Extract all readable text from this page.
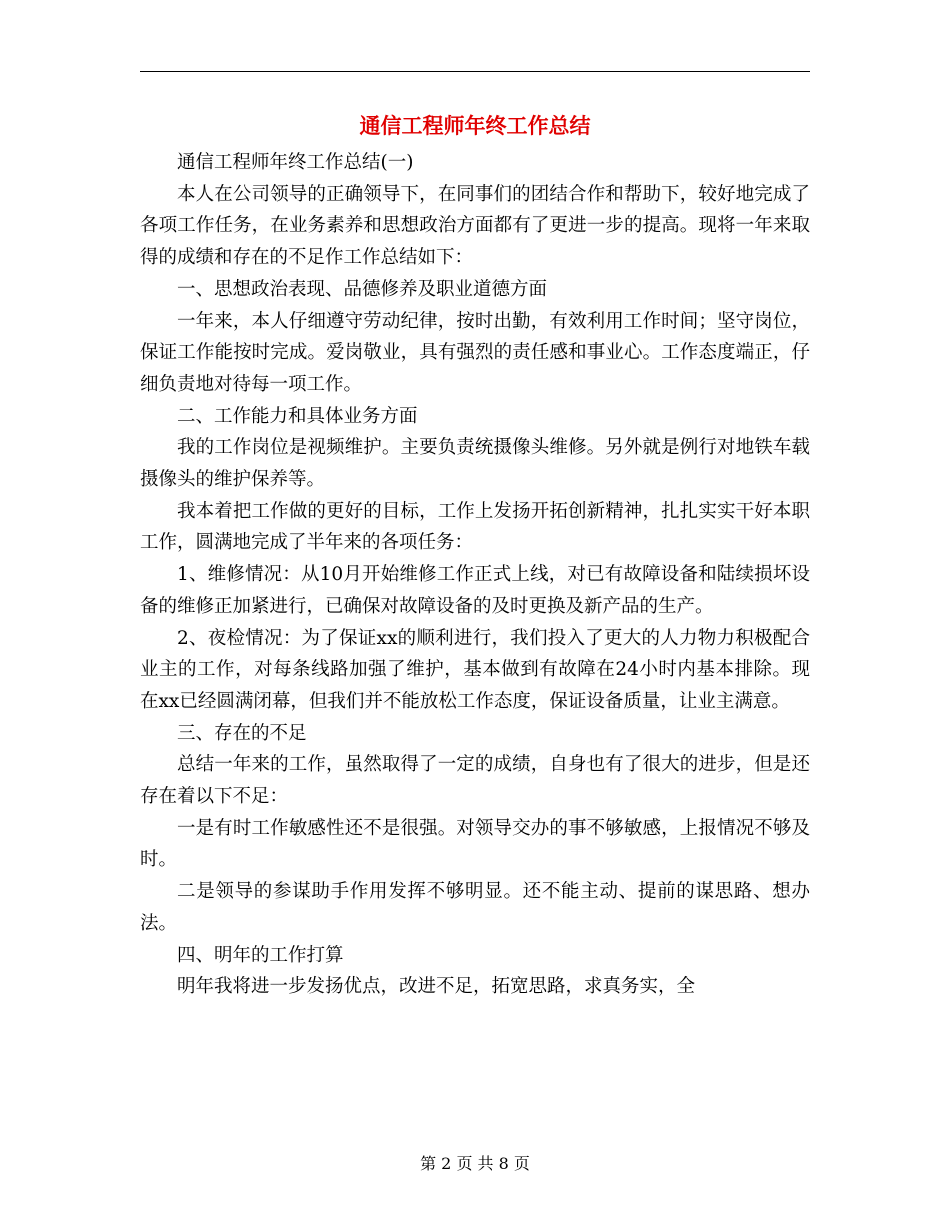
通信工程师年终工作总结

通信工程师年终工作总结(一)

本人在公司领导的正确领导下，在同事们的团结合作和帮助下，较好地完成了各项工作任务，在业务素养和思想政治方面都有了更进一步的提高。现将一年来取得的成绩和存在的不足作工作总结如下：

一、思想政治表现、品德修养及职业道德方面

一年来，本人仔细遵守劳动纪律，按时出勤，有效利用工作时间；坚守岗位，保证工作能按时完成。爱岗敬业，具有强烈的责任感和事业心。工作态度端正，仔细负责地对待每一项工作。

二、工作能力和具体业务方面

我的工作岗位是视频维护。主要负责统摄像头维修。另外就是例行对地铁车载摄像头的维护保养等。

我本着把工作做的更好的目标，工作上发扬开拓创新精神，扎扎实实干好本职工作，圆满地完成了半年来的各项任务：

1、维修情况：从10月开始维修工作正式上线，对已有故障设备和陆续损坏设备的维修正加紧进行，已确保对故障设备的及时更换及新产品的生产。

2、夜检情况：为了保证xx的顺利进行，我们投入了更大的人力物力积极配合业主的工作，对每条线路加强了维护，基本做到有故障在24小时内基本排除。现在xx已经圆满闭幕，但我们并不能放松工作态度，保证设备质量，让业主满意。

三、存在的不足

总结一年来的工作，虽然取得了一定的成绩，自身也有了很大的进步，但是还存在着以下不足：

一是有时工作敏感性还不是很强。对领导交办的事不够敏感，上报情况不够及时。

二是领导的参谋助手作用发挥不够明显。还不能主动、提前的谋思路、想办法。

四、明年的工作打算

明年我将进一步发扬优点，改进不足，拓宽思路，求真务实，全

第 2 页 共 8 页
